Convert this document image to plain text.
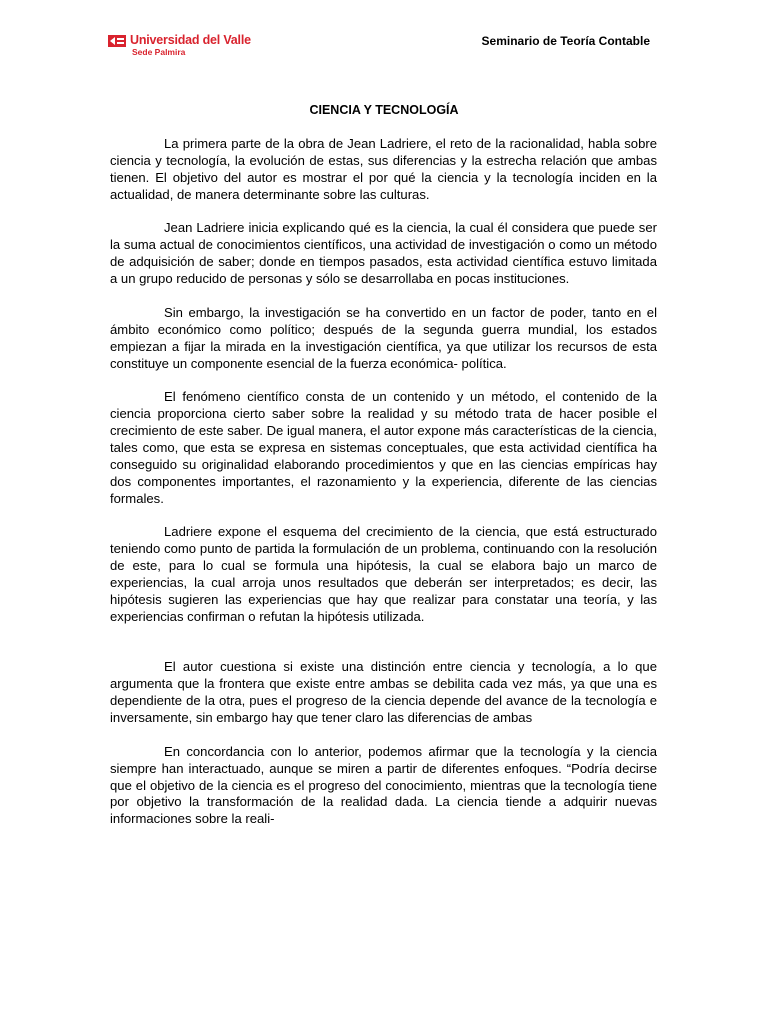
Universidad del Valle
Sede Palmira
Seminario de Teoría Contable
CIENCIA Y TECNOLOGÍA

La primera parte de la obra de Jean Ladriere, el reto de la racionalidad, habla sobre ciencia y tecnología, la evolución de estas, sus diferencias y la estrecha relación que ambas tienen. El objetivo del autor es mostrar el por qué la ciencia y la tecnología inciden en la actualidad, de manera determinante sobre las culturas.

Jean Ladriere inicia explicando qué es la ciencia, la cual él considera que puede ser la suma actual de conocimientos científicos, una actividad de investigación o como un método de adquisición de saber; donde en tiempos pasados, esta actividad científica estuvo limitada a un grupo reducido de personas y sólo se desarrollaba en pocas instituciones.

Sin embargo, la investigación se ha convertido en un factor de poder, tanto en el ámbito económico como político; después de la segunda guerra mundial, los estados empiezan a fijar la mirada en la investigación científica, ya que utilizar los recursos de esta constituye un componente esencial de la fuerza económica- política.

El fenómeno científico consta de un contenido y un método, el contenido de la ciencia proporciona cierto saber sobre la realidad y su método trata de hacer posible el crecimiento de este saber. De igual manera, el autor expone más características de la ciencia, tales como, que esta se expresa en sistemas conceptuales, que esta actividad científica ha conseguido su originalidad elaborando procedimientos y que en las ciencias empíricas hay dos componentes importantes, el razonamiento y la experiencia, diferente de las ciencias formales.

Ladriere expone el esquema del crecimiento de la ciencia, que está estructurado teniendo como punto de partida la formulación de un problema, continuando con la resolución de este, para lo cual se formula una hipótesis, la cual se elabora bajo un marco de experiencias, la cual arroja unos resultados que deberán ser interpretados; es decir, las hipótesis sugieren las experiencias que hay que realizar para constatar una teoría, y las experiencias confirman o refutan la hipótesis utilizada.

El autor cuestiona si existe una distinción entre ciencia y tecnología, a lo que argumenta que la frontera que existe entre ambas se debilita cada vez más, ya que una es dependiente de la otra, pues el progreso de la ciencia depende del avance de la tecnología e inversamente, sin embargo hay que tener claro las diferencias de ambas

En concordancia con lo anterior, podemos afirmar que la tecnología y la ciencia siempre han interactuado, aunque se miren a partir de diferentes enfoques. “Podría decirse que el objetivo de la ciencia es el progreso del conocimiento, mientras que la tecnología tiene por objetivo la transformación de la realidad dada. La ciencia tiende a adquirir nuevas informaciones sobre la reali-
